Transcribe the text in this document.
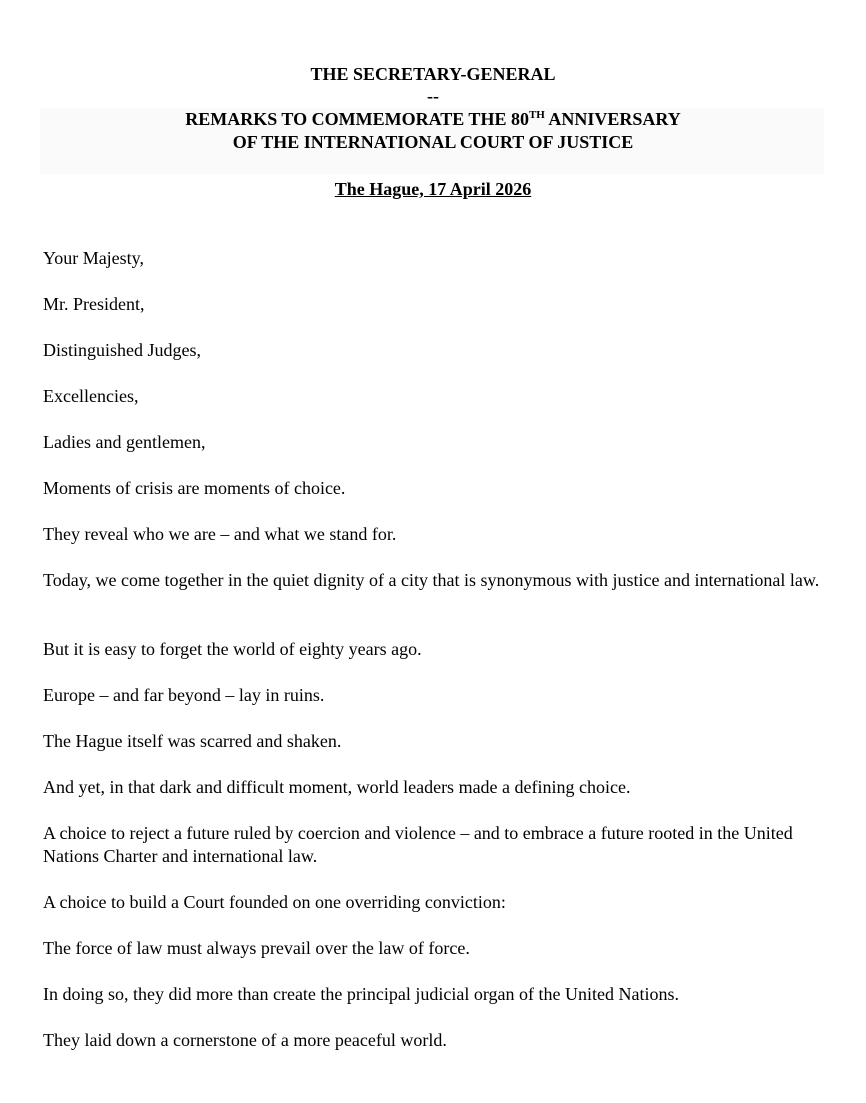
THE SECRETARY-GENERAL
--
REMARKS TO COMMEMORATE THE 80TH ANNIVERSARY
OF THE INTERNATIONAL COURT OF JUSTICE
The Hague, 17 April 2026
Your Majesty,
Mr. President,
Distinguished Judges,
Excellencies,
Ladies and gentlemen,
Moments of crisis are moments of choice.
They reveal who we are – and what we stand for.
Today, we come together in the quiet dignity of a city that is synonymous with justice and international law.
But it is easy to forget the world of eighty years ago.
Europe – and far beyond – lay in ruins.
The Hague itself was scarred and shaken.
And yet, in that dark and difficult moment, world leaders made a defining choice.
A choice to reject a future ruled by coercion and violence – and to embrace a future rooted in the United Nations Charter and international law.
A choice to build a Court founded on one overriding conviction:
The force of law must always prevail over the law of force.
In doing so, they did more than create the principal judicial organ of the United Nations.
They laid down a cornerstone of a more peaceful world.
